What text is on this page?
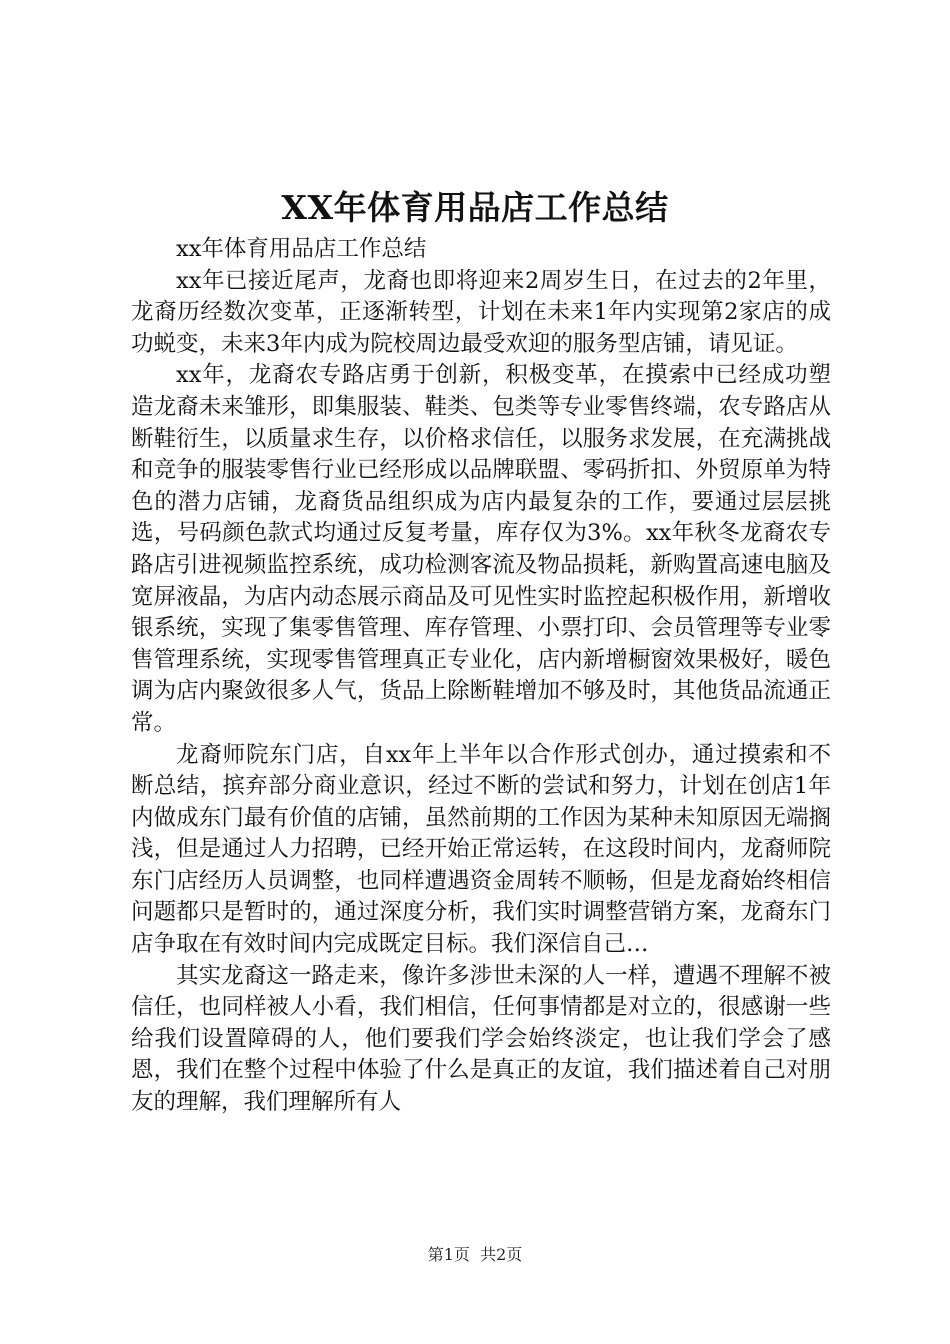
XX年体育用品店工作总结

xx年体育用品店工作总结

xx年已接近尾声，龙裔也即将迎来2周岁生日，在过去的2年里，龙裔历经数次变革，正逐渐转型，计划在未来1年内实现第2家店的成功蜕变，未来3年内成为院校周边最受欢迎的服务型店铺，请见证。

xx年，龙裔农专路店勇于创新，积极变革，在摸索中已经成功塑造龙裔未来雏形，即集服装、鞋类、包类等专业零售终端，农专路店从断鞋衍生，以质量求生存，以价格求信任，以服务求发展，在充满挑战和竞争的服装零售行业已经形成以品牌联盟、零码折扣、外贸原单为特色的潜力店铺，龙裔货品组织成为店内最复杂的工作，要通过层层挑选，号码颜色款式均通过反复考量，库存仅为3%。xx年秋冬龙裔农专路店引进视频监控系统，成功检测客流及物品损耗，新购置高速电脑及宽屏液晶，为店内动态展示商品及可见性实时监控起积极作用，新增收银系统，实现了集零售管理、库存管理、小票打印、会员管理等专业零售管理系统，实现零售管理真正专业化，店内新增橱窗效果极好，暖色调为店内聚敛很多人气，货品上除断鞋增加不够及时，其他货品流通正常。

龙裔师院东门店，自xx年上半年以合作形式创办，通过摸索和不断总结，摈弃部分商业意识，经过不断的尝试和努力，计划在创店1年内做成东门最有价值的店铺，虽然前期的工作因为某种未知原因无端搁浅，但是通过人力招聘，已经开始正常运转，在这段时间内，龙裔师院东门店经历人员调整，也同样遭遇资金周转不顺畅，但是龙裔始终相信问题都只是暂时的，通过深度分析，我们实时调整营销方案，龙裔东门店争取在有效时间内完成既定目标。我们深信自己…

其实龙裔这一路走来，像许多涉世未深的人一样，遭遇不理解不被信任，也同样被人小看，我们相信，任何事情都是对立的，很感谢一些给我们设置障碍的人，他们要我们学会始终淡定，也让我们学会了感恩，我们在整个过程中体验了什么是真正的友谊，我们描述着自己对朋友的理解，我们理解所有人

第1页 共2页
